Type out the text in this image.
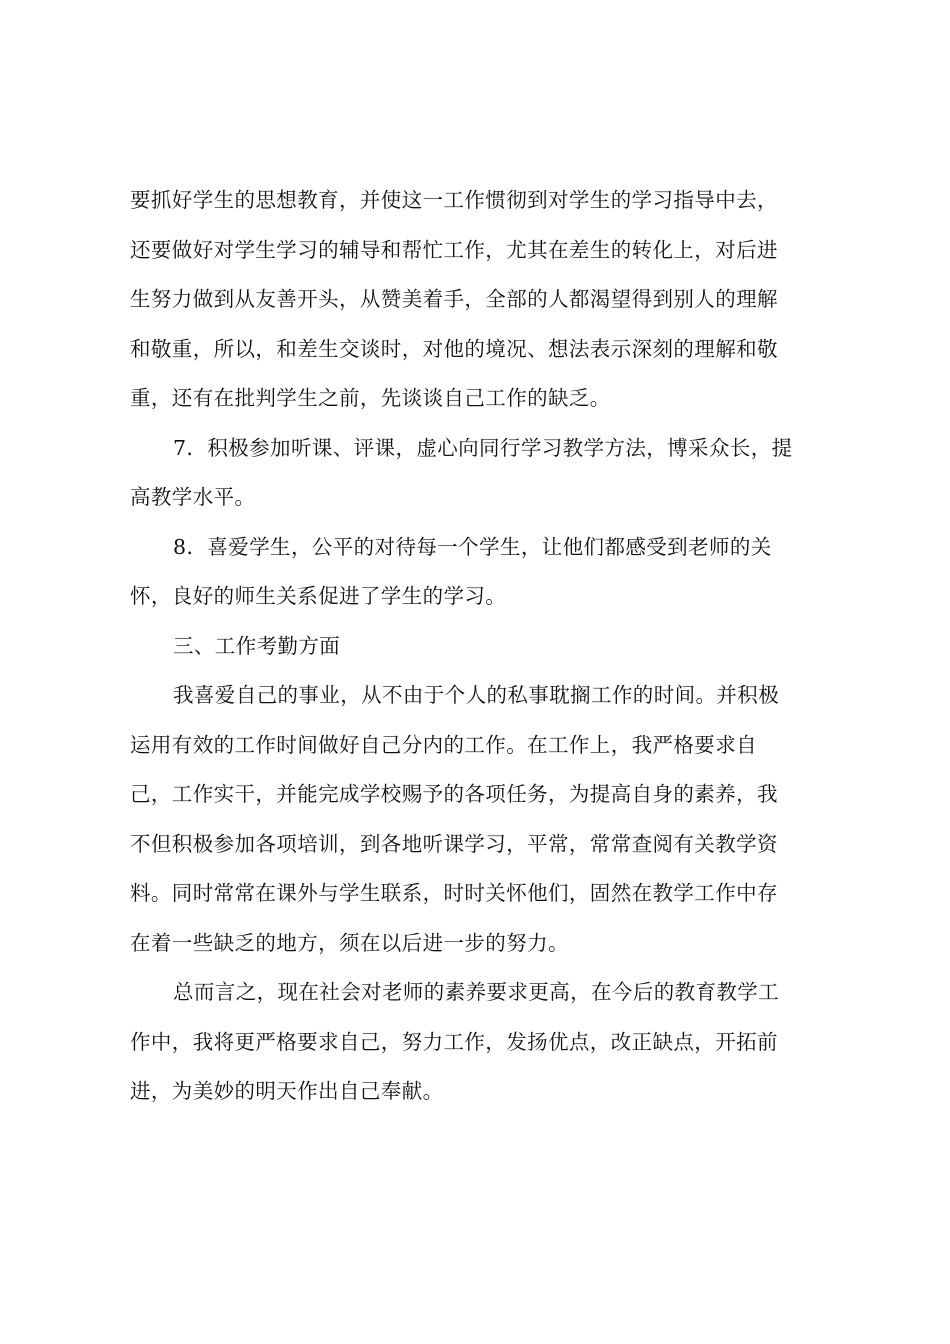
要抓好学生的思想教育，并使这一工作惯彻到对学生的学习指导中去，
还要做好对学生学习的辅导和帮忙工作，尤其在差生的转化上，对后进
生努力做到从友善开头，从赞美着手，全部的人都渴望得到别人的理解
和敬重，所以，和差生交谈时，对他的境况、想法表示深刻的理解和敬
重，还有在批判学生之前，先谈谈自己工作的缺乏。
7．积极参加听课、评课，虚心向同行学习教学方法，博采众长，提
高教学水平。
8．喜爱学生，公平的对待每一个学生，让他们都感受到老师的关
怀，良好的师生关系促进了学生的学习。
三、工作考勤方面
我喜爱自己的事业，从不由于个人的私事耽搁工作的时间。并积极
运用有效的工作时间做好自己分内的工作。在工作上，我严格要求自
己，工作实干，并能完成学校赐予的各项任务，为提高自身的素养，我
不但积极参加各项培训，到各地听课学习，平常，常常查阅有关教学资
料。同时常常在课外与学生联系，时时关怀他们，固然在教学工作中存
在着一些缺乏的地方，须在以后进一步的努力。
总而言之，现在社会对老师的素养要求更高，在今后的教育教学工
作中，我将更严格要求自己，努力工作，发扬优点，改正缺点，开拓前
进，为美妙的明天作出自己奉献。
